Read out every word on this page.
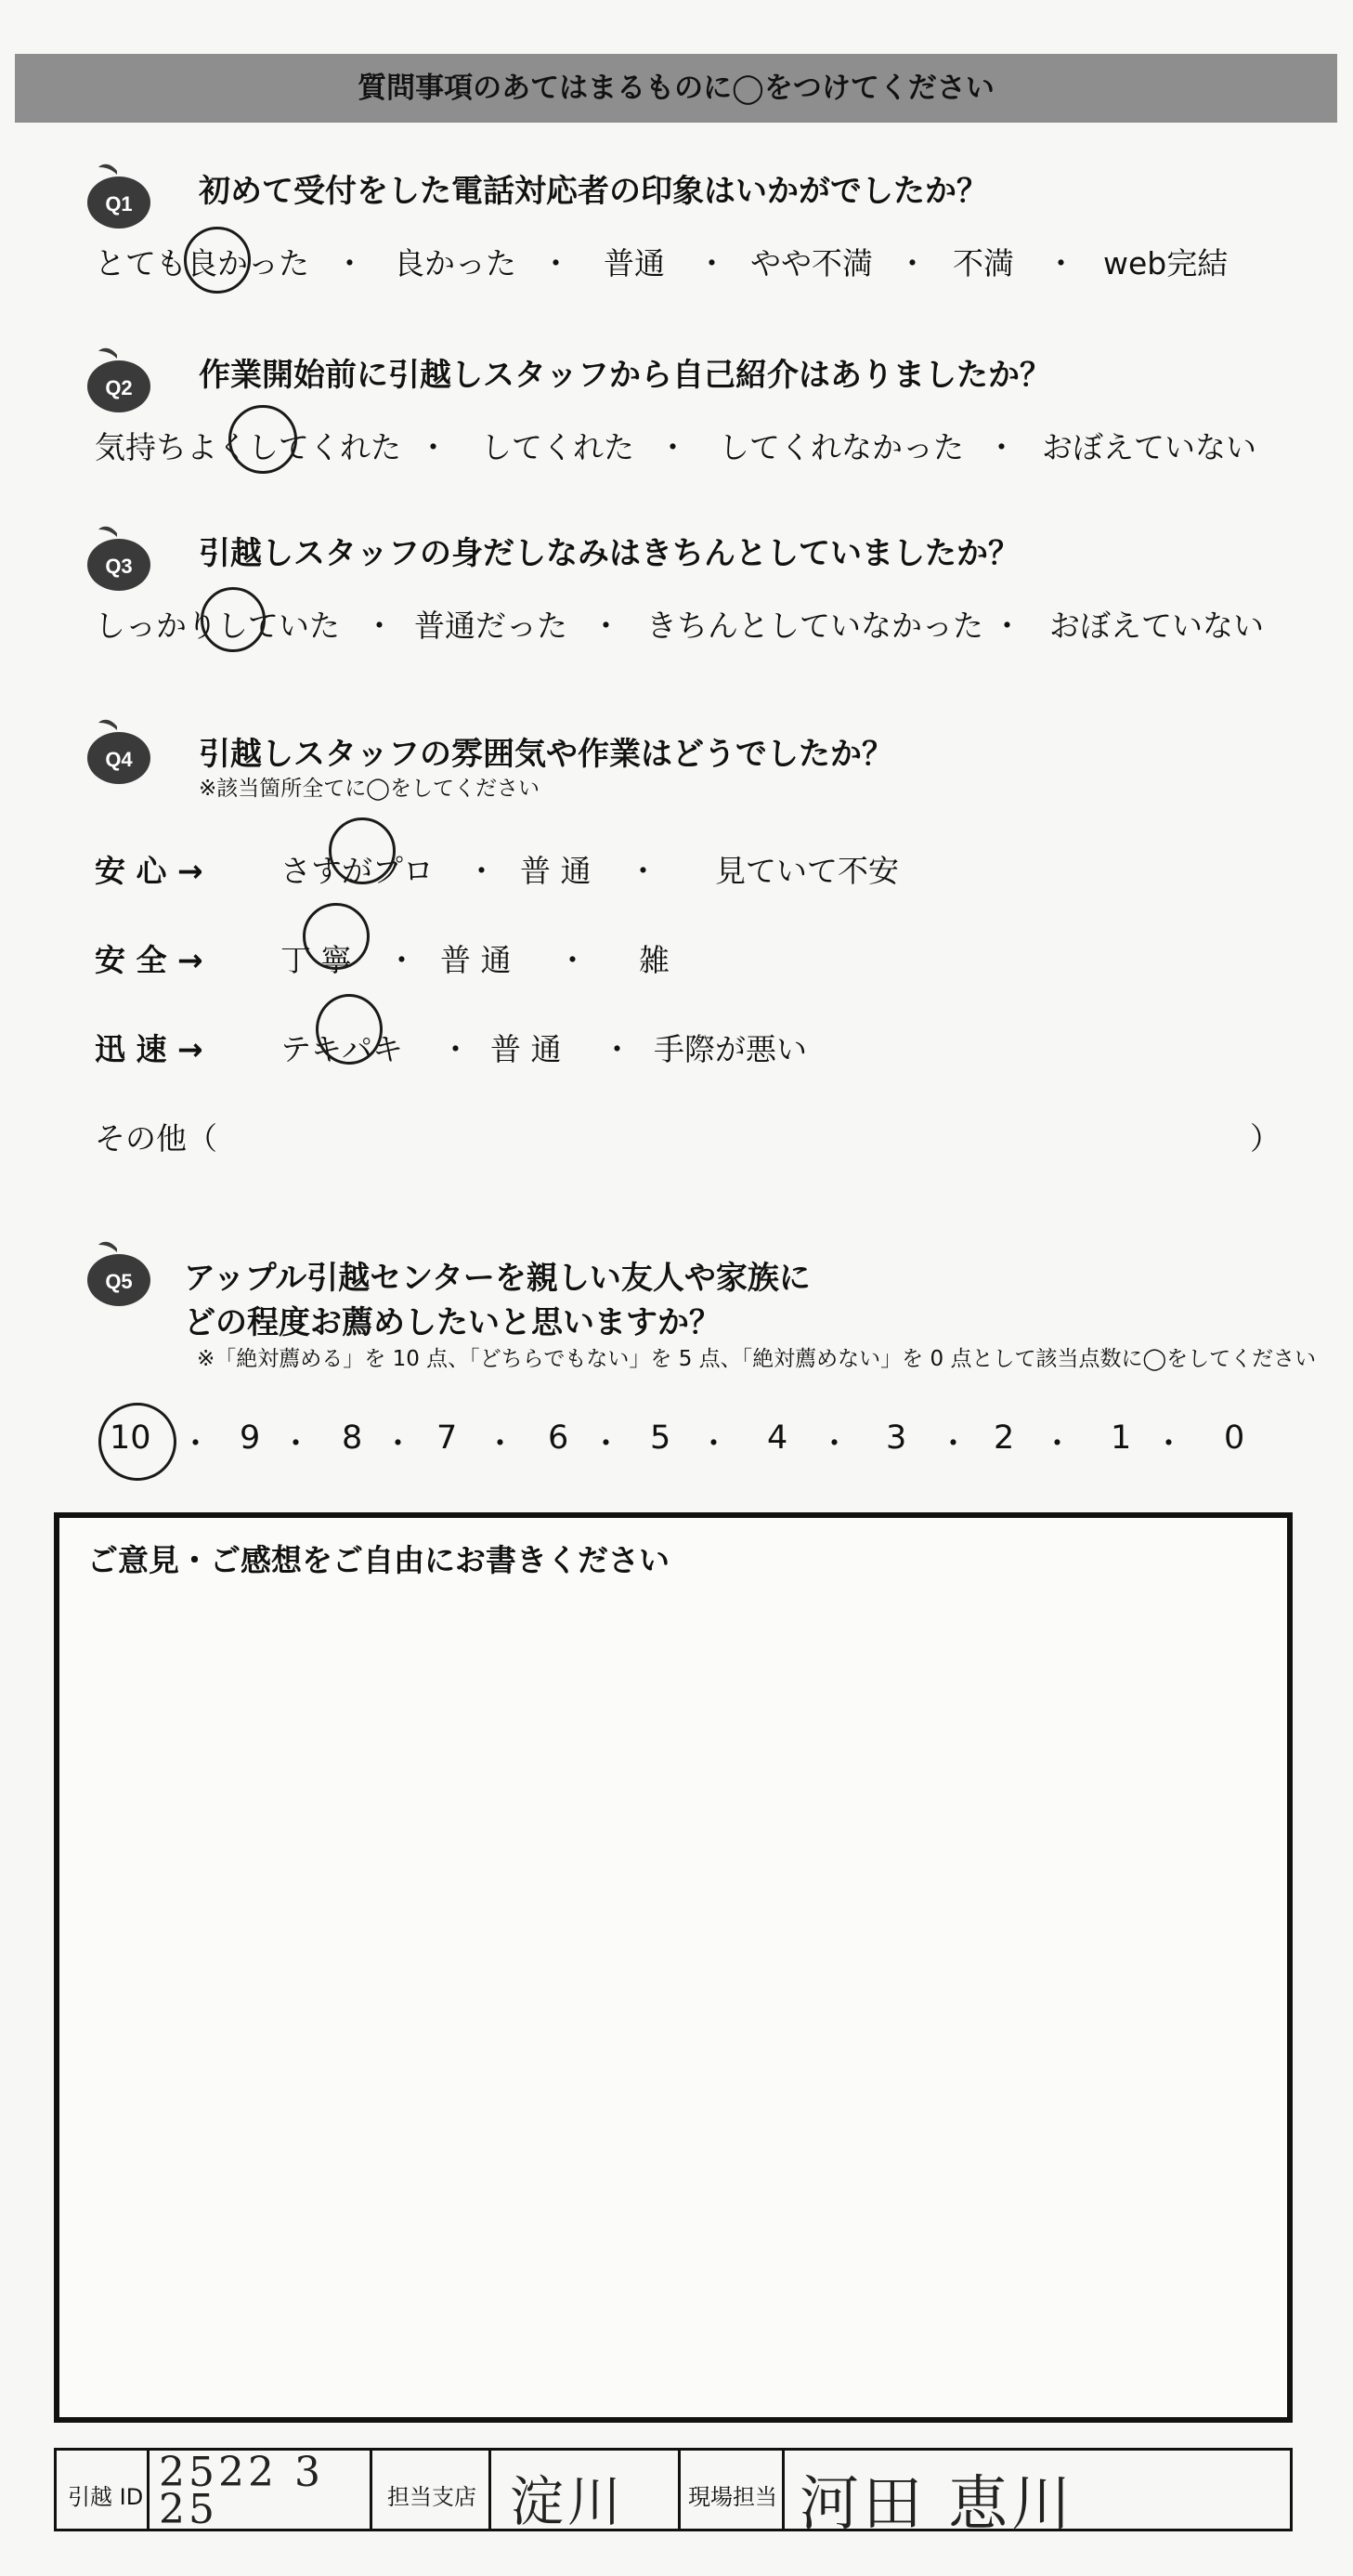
質問事項のあてはまるものに◯をつけてください
Q1 初めて受付をした電話対応者の印象はいかがでしたか？
とても良かった ・ 良かった ・ 普通 ・ やや不満 ・ 不満 ・ web完結
Q2 作業開始前に引越しスタッフから自己紹介はありましたか？
気持ちよくしてくれた ・ してくれた ・ してくれなかった ・ おぼえていない
Q3 引越しスタッフの身だしなみはきちんとしていましたか？
しっかりしていた ・ 普通だった ・ きちんとしていなかった ・ おぼえていない
Q4 引越しスタッフの雰囲気や作業はどうでしたか？
※該当箇所全てに◯をしてください
安 心 →	さすがプロ ・ 普 通 ・ 見ていて不安
安 全 →	丁 寧 ・ 普 通 ・ 雑
迅 速 →	テキパキ ・ 普 通 ・ 手際が悪い
その他（	）
Q5 アップル引越センターを親しい友人や家族に
どの程度お薦めしたいと思いますか？
※「絶対薦める」を 10 点、「どちらでもない」を 5 点、「絶対薦めない」を 0 点として該当点数に◯をしてください
10 ・ 9 ・ 8 ・ 7 ・ 6 ・ 5 ・ 4 ・ 3 ・ 2 ・ 1 ・ 0
ご意見・ご感想をご自由にお書きください
引越 ID
2522 325	担当支店 淀川	現場担当 河田 恵川
